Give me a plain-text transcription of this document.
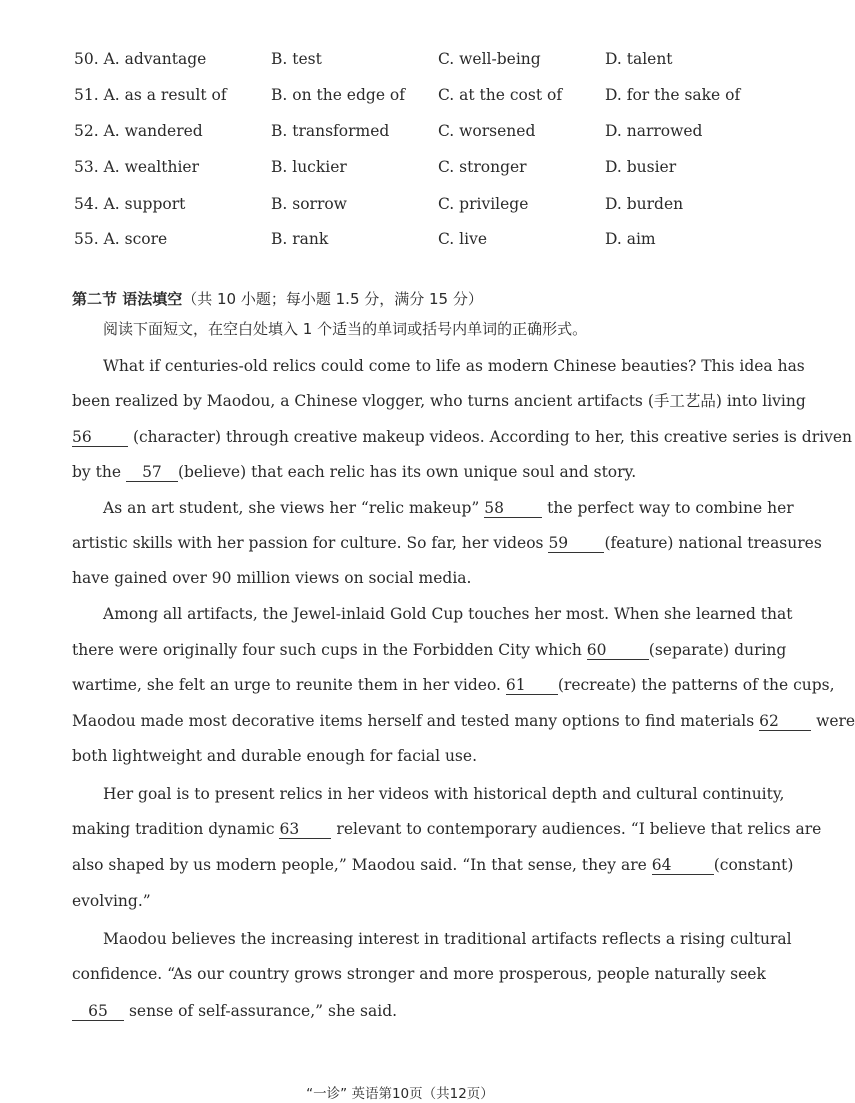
50. A. advantage	B. test	C. well-being	D. talent
51. A. as a result of	B. on the edge of C. at the cost of	D. for the sake of
52. A. wandered	B. transformed	C. worsened	D. narrowed
53. A. wealthier	B. luckier	C. stronger	D. busier
54. A. support	B. sorrow	C. privilege	D. burden
55. A. score	B. rank	C. live	D. aim
第二节 语法填空（共 10 小题；每小题 1.5 分，满分 15 分）
阅读下面短文，在空白处填入 1 个适当的单词或括号内单词的正确形式。
What if centuries-old relics could come to life as modern Chinese beauties? This idea has
been realized by Maodou, a Chinese vlogger, who turns ancient artifacts (手工艺品) into living
56	(character) through creative makeup videos. According to her, this creative series is driven
by the 57 (believe) that each relic has its own unique soul and story.
As an art student, she views her “relic makeup” 58	the perfect way to combine her
artistic skills with her passion for culture. So far, her videos 59 (feature) national treasures
have gained over 90 million views on social media.
Among all artifacts, the Jewel-inlaid Gold Cup touches her most. When she learned that
there were originally four such cups in the Forbidden City which 60	(separate) during
wartime, she felt an urge to reunite them in her video. 61 (recreate) the patterns of the cups,
Maodou made most decorative items herself and tested many options to find materials 62 were
both lightweight and durable enough for facial use.
Her goal is to present relics in her videos with historical depth and cultural continuity,
making tradition dynamic 63 relevant to contemporary audiences. “I believe that relics are
also shaped by us modern people,” Maodou said. “In that sense, they are 64	(constant)
evolving.”
Maodou believes the increasing interest in traditional artifacts reflects a rising cultural
confidence. “As our country grows stronger and more prosperous, people naturally seek
65 sense of self-assurance,” she said.
“一诊” 英语第10页（共12页）
